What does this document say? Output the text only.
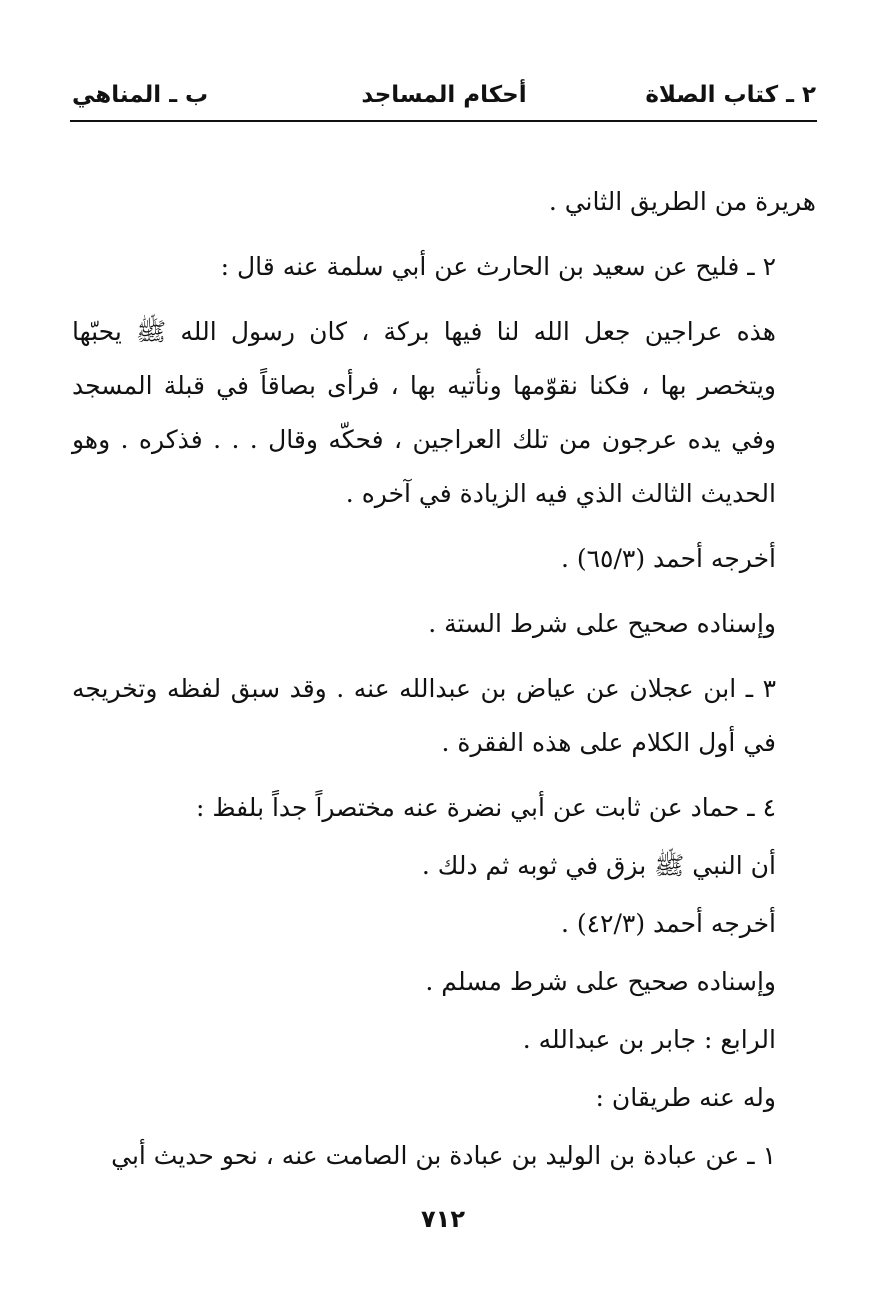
٢ ـ كتاب الصلاة
أحكام المساجد
ب ـ المناهي

هريرة من الطريق الثاني .

٢ ـ فليح عن سعيد بن الحارث عن أبي سلمة عنه قال :

هذه عراجين جعل الله لنا فيها بركة ، كان رسول الله ﷺ يحبّها ويتخصر بها ، فكنا نقوّمها ونأتيه بها ، فرأى بصاقاً في قبلة المسجد وفي يده عرجون من تلك العراجين ، فحكّه وقال . . . فذكره . وهو الحديث الثالث الذي فيه الزيادة في آخره .

أخرجه أحمد (٦٥/٣) .

وإسناده صحيح على شرط الستة .

٣ ـ ابن عجلان عن عياض بن عبدالله عنه . وقد سبق لفظه وتخريجه في أول الكلام على هذه الفقرة .

٤ ـ حماد عن ثابت عن أبي نضرة عنه مختصراً جداً بلفظ :

أن النبي ﷺ بزق في ثوبه ثم دلك .

أخرجه أحمد (٤٢/٣) .

وإسناده صحيح على شرط مسلم .

الرابع : جابر بن عبدالله .

وله عنه طريقان :

١ ـ عن عبادة بن الوليد بن عبادة بن الصامت عنه ، نحو حديث أبي

٧١٢
